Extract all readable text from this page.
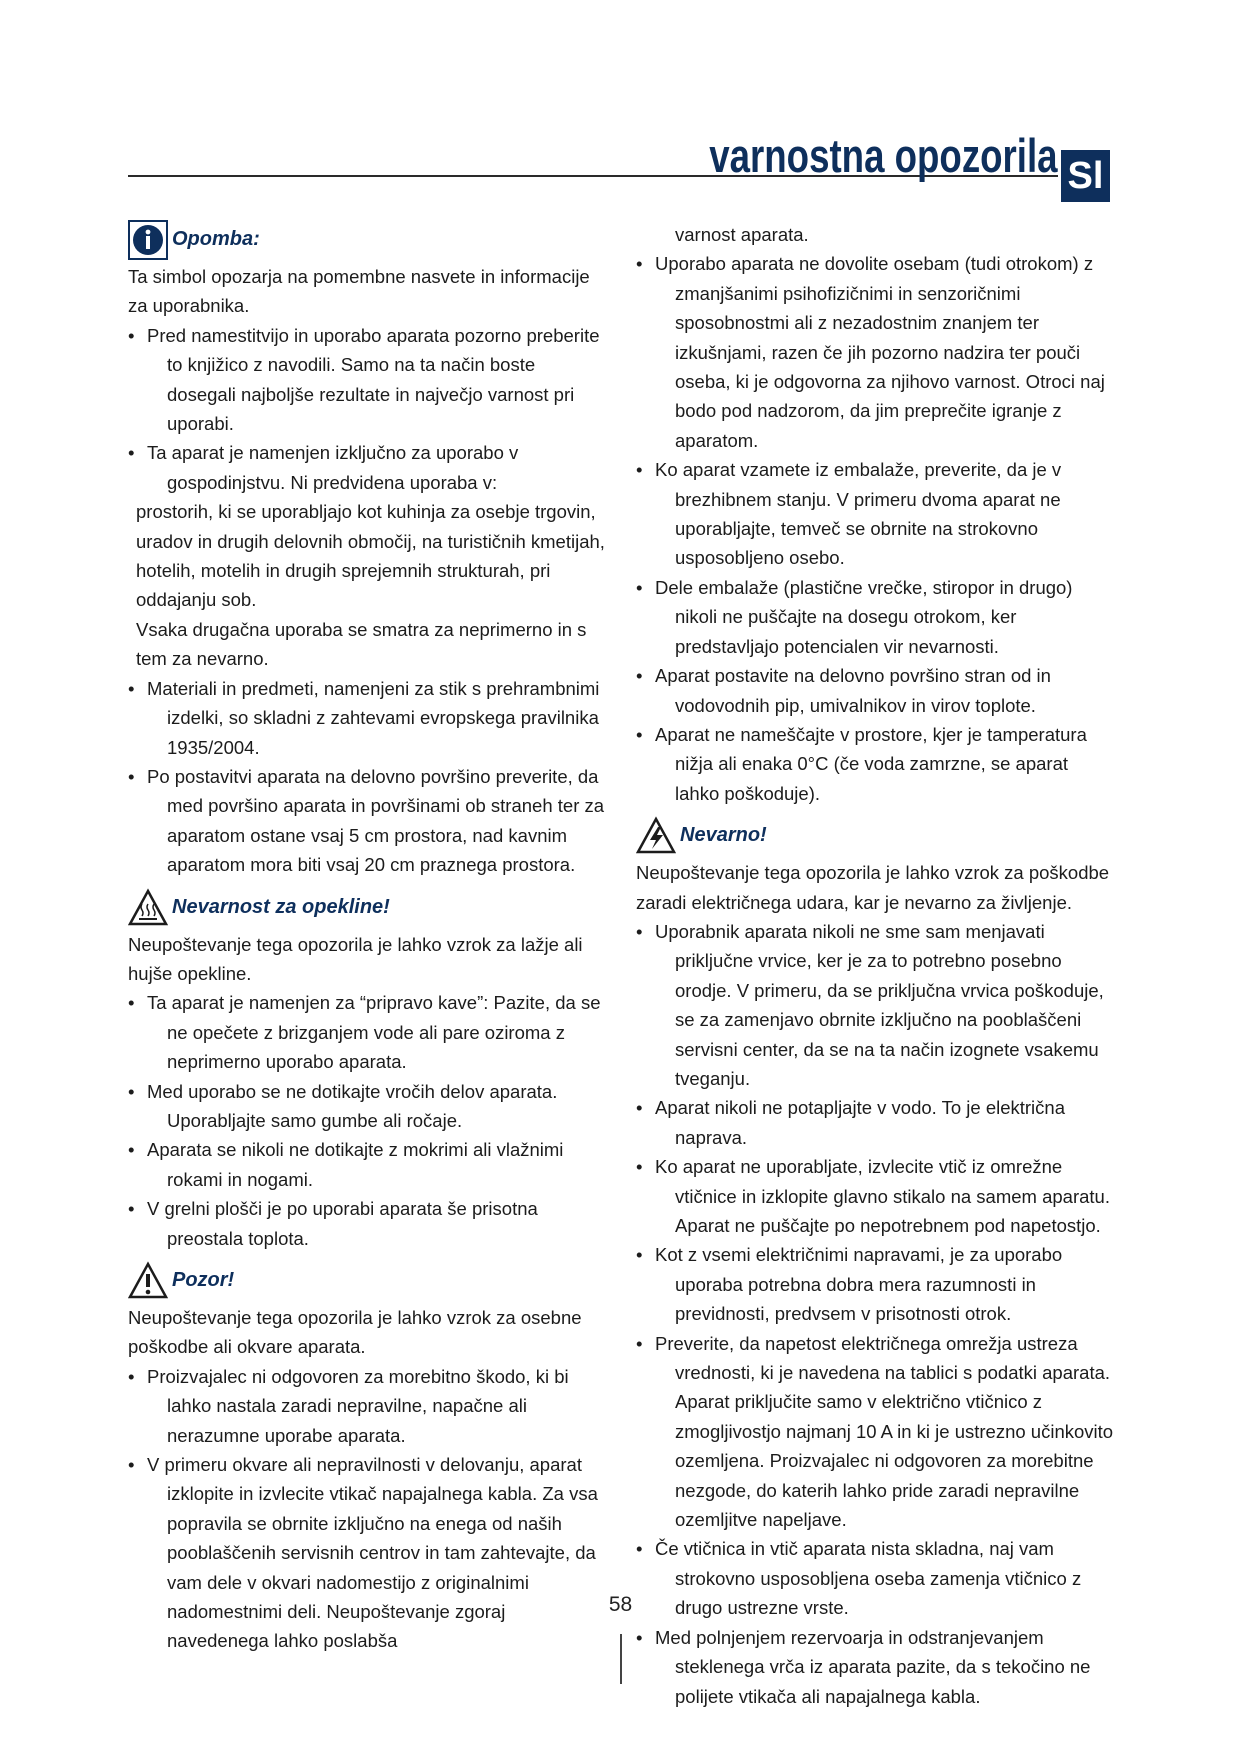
varnostna opozorila Sl
Opomba:

Ta simbol opozarja na pomembne nasvete in informacije za uporabnika.

• Pred namestitvijo in uporabo aparata pozorno preberite to knjižico z navodili. Samo na ta način boste dosegali najboljše rezultate in največjo varnost pri uporabi.
• Ta aparat je namenjen izključno za uporabo v gospodinjstvu. Ni predvidena uporaba v:

prostorih, ki se uporabljajo kot kuhinja za osebje trgovin, uradov in drugih delovnih območij, na turističnih kmetijah, hotelih, motelih in drugih sprejemnih strukturah, pri oddajanju sob.

Vsaka drugačna uporaba se smatra za neprimerno in s tem za nevarno.

• Materiali in predmeti, namenjeni za stik s prehrambnimi izdelki, so skladni z zahtevami evropskega pravilnika 1935/2004.
• Po postavitvi aparata na delovno površino preverite, da med površino aparata in površinami ob straneh ter za aparatom ostane vsaj 5 cm prostora, nad kavnim aparatom mora biti vsaj 20 cm praznega prostora.
Nevarnost za opekline!

Neupoštevanje tega opozorila je lahko vzrok za lažje ali hujše opekline.

• Ta aparat je namenjen za “pripravo kave”: Pazite, da se ne opečete z brizganjem vode ali pare oziroma z neprimerno uporabo aparata.
• Med uporabo se ne dotikajte vročih delov aparata. Uporabljajte samo gumbe ali ročaje.
• Aparata se nikoli ne dotikajte z mokrimi ali vlažnimi rokami in nogami.
• V grelni plošči je po uporabi aparata še prisotna preostala toplota.
Pozor!

Neupoštevanje tega opozorila je lahko vzrok za osebne poškodbe ali okvare aparata.

• Proizvajalec ni odgovoren za morebitno škodo, ki bi lahko nastala zaradi nepravilne, napačne ali nerazumne uporabe aparata.
• V primeru okvare ali nepravilnosti v delovanju, aparat izklopite in izvlecite vtikač napajalnega kabla. Za vsa popravila se obrnite izključno na enega od naših pooblaščenih servisnih centrov in tam zahtevajte, da vam dele v okvari nadomestijo z originalnimi nadomestnimi deli. Neupoštevanje zgoraj navedenega lahko poslabša

varnost aparata.

• Uporabo aparata ne dovolite osebam (tudi otrokom) z zmanjšanimi psihofizičnimi in senzoričnimi sposobnostmi ali z nezadostnim znanjem ter izkušnjami, razen če jih pozorno nadzira ter pouči oseba, ki je odgovorna za njihovo varnost. Otroci naj bodo pod nadzorom, da jim preprečite igranje z aparatom.
• Ko aparat vzamete iz embalaže, preverite, da je v brezhibnem stanju. V primeru dvoma aparat ne uporabljajte, temveč se obrnite na strokovno usposobljeno osebo.
• Dele embalaže (plastične vrečke, stiropor in drugo) nikoli ne puščajte na dosegu otrokom, ker predstavljajo potencialen vir nevarnosti.
• Aparat postavite na delovno površino stran od in vodovodnih pip, umivalnikov in virov toplote.
• Aparat ne nameščajte v prostore, kjer je tamperatura nižja ali enaka 0°C (če voda zamrzne, se aparat lahko poškoduje).
Nevarno!

Neupoštevanje tega opozorila je lahko vzrok za poškodbe zaradi električnega udara, kar je nevarno za življenje.

• Uporabnik aparata nikoli ne sme sam menjavati priključne vrvice, ker je za to potrebno posebno orodje. V primeru, da se priključna vrvica poškoduje, se za zamenjavo obrnite izključno na pooblaščeni servisni center, da se na ta način izognete vsakemu tveganju.
• Aparat nikoli ne potapljajte v vodo. To je električna naprava.
• Ko aparat ne uporabljate, izvlecite vtič iz omrežne vtičnice in izklopite glavno stikalo na samem aparatu. Aparat ne puščajte po nepotrebnem pod napetostjo.
• Kot z vsemi električnimi napravami, je za uporabo uporaba potrebna dobra mera razumnosti in previdnosti, predvsem v prisotnosti otrok.
• Preverite, da napetost električnega omrežja ustreza vrednosti, ki je navedena na tablici s podatki aparata. Aparat priključite samo v električno vtičnico z zmogljivostjo najmanj 10 A in ki je ustrezno učinkovito ozemljena. Proizvajalec ni odgovoren za morebitne nezgode, do katerih lahko pride zaradi nepravilne ozemljitve napeljave.
• Če vtičnica in vtič aparata nista skladna, naj vam strokovno usposobljena oseba zamenja vtičnico z drugo ustrezne vrste.
• Med polnjenjem rezervoarja in odstranjevanjem steklenega vrča iz aparata pazite, da s tekočino ne polijete vtikača ali napajalnega kabla.
58
